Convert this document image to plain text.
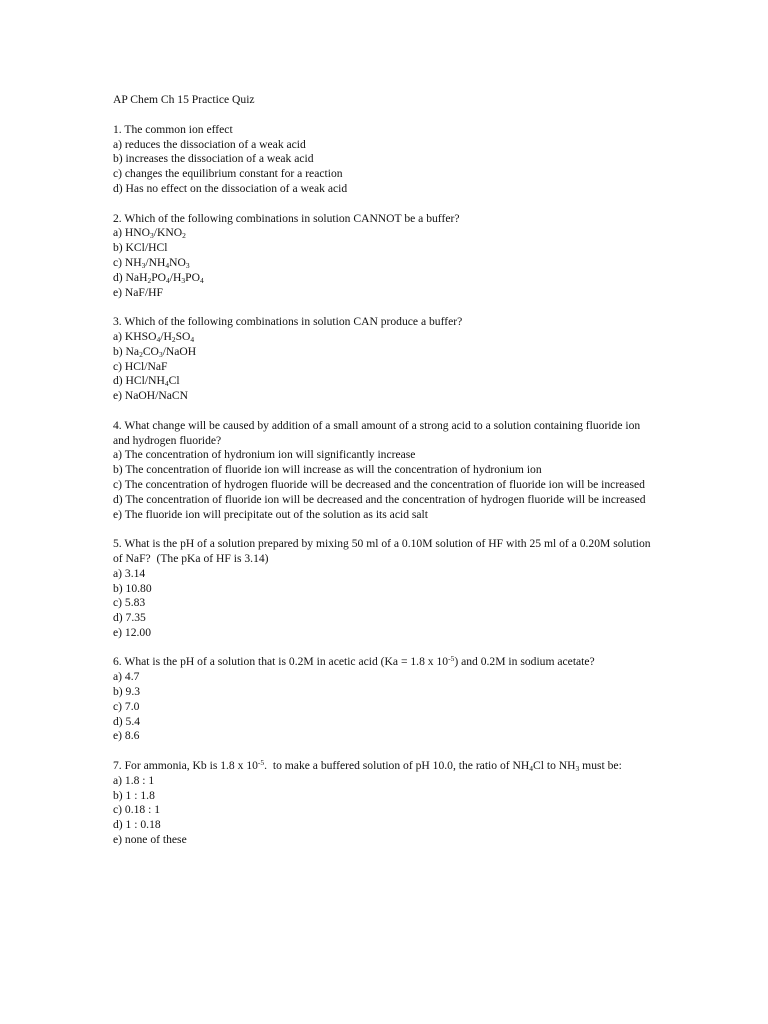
AP Chem Ch 15 Practice Quiz
1. The common ion effect
a) reduces the dissociation of a weak acid
b) increases the dissociation of a weak acid
c) changes the equilibrium constant for a reaction
d) Has no effect on the dissociation of a weak acid
2. Which of the following combinations in solution CANNOT be a buffer?
a) $HNO_3/KNO_2$
b) KCl/HCl
c) $NH_3/NH_4NO_3$
d) $NaH_2PO_4/H_3PO_4$
e) NaF/HF
3. Which of the following combinations in solution CAN produce a buffer?
a) $KHSO_4/H_2SO_4$
b) $Na_2CO_3$/NaOH
c) HCl/NaF
d) HCl/$NH_4Cl$
e) NaOH/NaCN
4. What change will be caused by addition of a small amount of a strong acid to a solution containing fluoride ion and hydrogen fluoride?
a) The concentration of hydronium ion will significantly increase
b) The concentration of fluoride ion will increase as will the concentration of hydronium ion
c) The concentration of hydrogen fluoride will be decreased and the concentration of fluoride ion will be increased
d) The concentration of fluoride ion will be decreased and the concentration of hydrogen fluoride will be increased
e) The fluoride ion will precipitate out of the solution as its acid salt
5. What is the pH of a solution prepared by mixing 50 ml of a 0.10M solution of HF with 25 ml of a 0.20M solution of NaF?  (The pKa of HF is 3.14)
a) 3.14
b) 10.80
c) 5.83
d) 7.35
e) 12.00
6. What is the pH of a solution that is 0.2M in acetic acid (Ka = 1.8 x $10^{-5}$) and 0.2M in sodium acetate?
a) 4.7
b) 9.3
c) 7.0
d) 5.4
e) 8.6
7. For ammonia, Kb is 1.8 x $10^{-5}$.  to make a buffered solution of pH 10.0, the ratio of $NH_4Cl$ to $NH_3$ must be:
a) 1.8 : 1
b) 1 : 1.8
c) 0.18 : 1
d) 1 : 0.18
e) none of these
